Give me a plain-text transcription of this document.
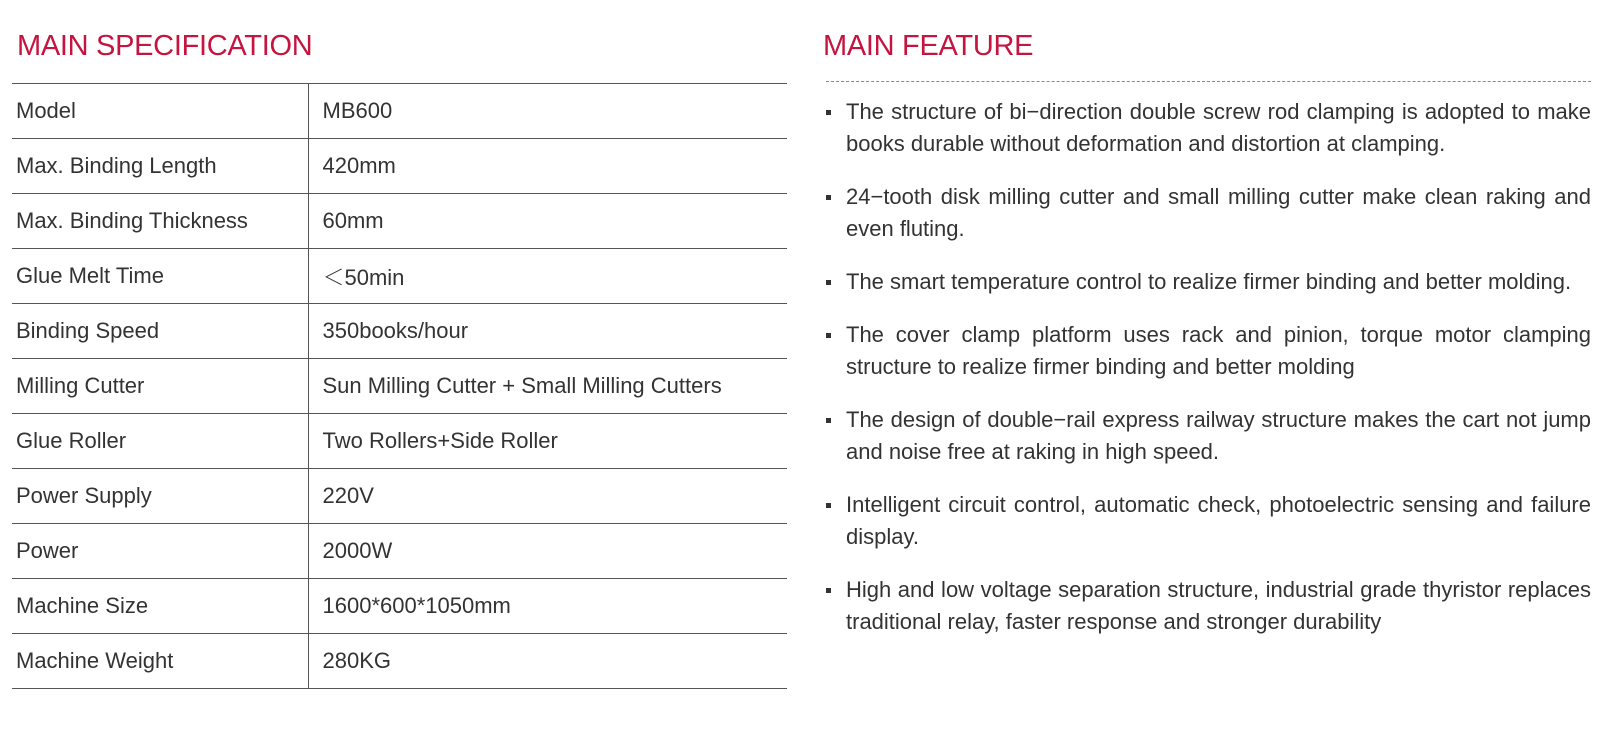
MAIN SPECIFICATION	MAIN FEATURE
Model	MB600
Max. Binding Length	420mm
Max. Binding Thickness	60mm
Glue Melt Time	＜50min
Binding Speed	350books/hour
Milling Cutter	Sun Milling Cutter + Small Milling Cutters
Glue Roller	Two Rollers+Side Roller
Power Supply	220V
Power	2000W
Machine Size	1600*600*1050mm
Machine Weight	280KG
The structure of bi−direction double screw rod clamping is adopted to make books durable without deformation and distortion at clamping.
24−tooth disk milling cutter and small milling cutter make clean raking and even fluting.
The smart temperature control to realize firmer binding and better molding.
The cover clamp platform uses rack and pinion, torque motor clamping structure to realize firmer binding and better molding
The design of double−rail express railway structure makes the cart not jump and noise free at raking in high speed.
Intelligent circuit control, automatic check, photoelectric sensing and failure display.
High and low voltage separation structure, industrial grade thyristor replaces traditional relay, faster response and stronger durability
